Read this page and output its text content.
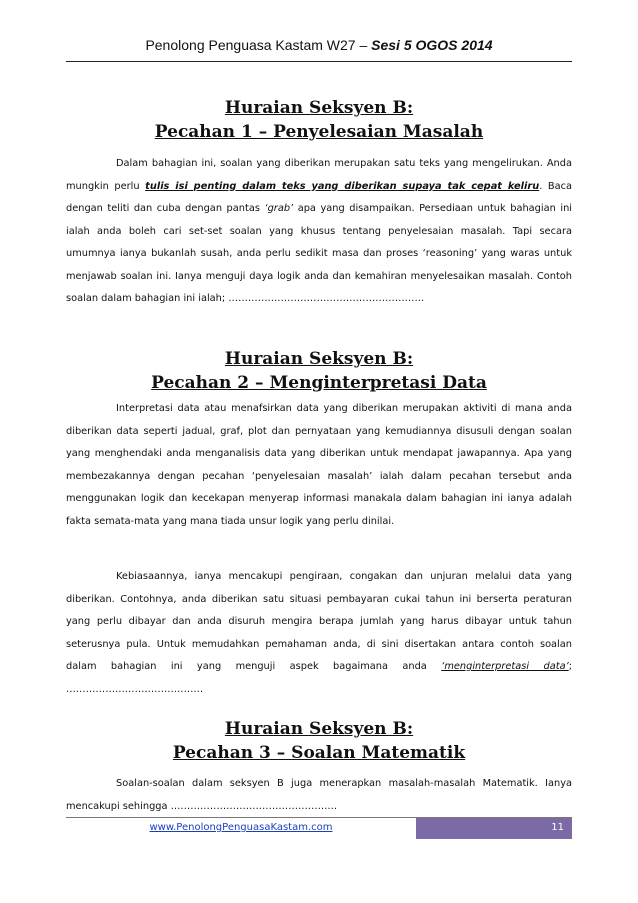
Penolong Penguasa Kastam W27 – Sesi 5 OGOS 2014
Huraian Seksyen B:
Pecahan 1 – Penyelesaian Masalah
Dalam bahagian ini, soalan yang diberikan merupakan satu teks yang mengelirukan. Anda mungkin perlu tulis isi penting dalam teks yang diberikan supaya tak cepat keliru. Baca dengan teliti dan cuba dengan pantas ‘grab’ apa yang disampaikan. Persediaan untuk bahagian ini ialah anda boleh cari set-set soalan yang khusus tentang penyelesaian masalah. Tapi secara umumnya ianya bukanlah susah, anda perlu sedikit masa dan proses ‘reasoning’ yang waras untuk menjawab soalan ini. Ianya menguji daya logik anda dan kemahiran menyelesaikan masalah. Contoh soalan dalam bahagian ini ialah; ……………………………………………………
Huraian Seksyen B:
Pecahan 2 – Menginterpretasi Data
Interpretasi data atau menafsirkan data yang diberikan merupakan aktiviti di mana anda diberikan data seperti jadual, graf, plot dan pernyataan yang kemudiannya disusuli dengan soalan yang menghendaki anda menganalisis data yang diberikan untuk mendapat jawapannya. Apa yang membezakannya dengan pecahan ‘penyelesaian masalah’ ialah dalam pecahan tersebut anda menggunakan logik dan kecekapan menyerap informasi manakala dalam bahagian ini ianya adalah fakta semata-mata yang mana tiada unsur logik yang perlu dinilai.
Kebiasaannya, ianya mencakupi pengiraan, congakan dan unjuran melalui data yang diberikan. Contohnya, anda diberikan satu situasi pembayaran cukai tahun ini berserta peraturan yang perlu dibayar dan anda disuruh mengira berapa jumlah yang harus dibayar untuk tahun seterusnya pula. Untuk memudahkan pemahaman anda, di sini disertakan antara contoh soalan dalam bahagian ini yang menguji aspek bagaimana anda ‘menginterpretasi data’; ……………………………………
Huraian Seksyen B:
Pecahan 3 – Soalan Matematik
Soalan-soalan dalam seksyen B juga menerapkan masalah-masalah Matematik. Ianya mencakupi sehingga ……………………………………………
www.PenolongPenguasaKastam.com	11
